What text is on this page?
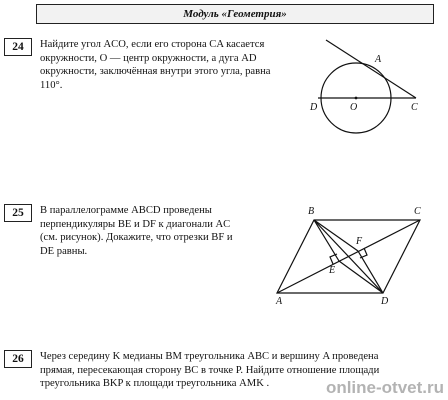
Модуль «Геометрия»
24	Найдите угол ACO, если его сторона CA касается
окружности, O — центр окружности, а дуга AD
окружности, заключённая внутри этого угла, равна
110°.
A
D	O	C
B	C
A	D
E
F
25	В параллелограмме ABCD проведены
перпендикуляры BE и DF к диагонали AC
(см. рисунок). Докажите, что отрезки BF и
DE равны.
26	Через середину K медианы BM треугольника ABC и вершину A проведена
прямая, пересекающая сторону BC в точке P. Найдите отношение площади
треугольника BKP к площади треугольника AMK .	online-otvet.ru
